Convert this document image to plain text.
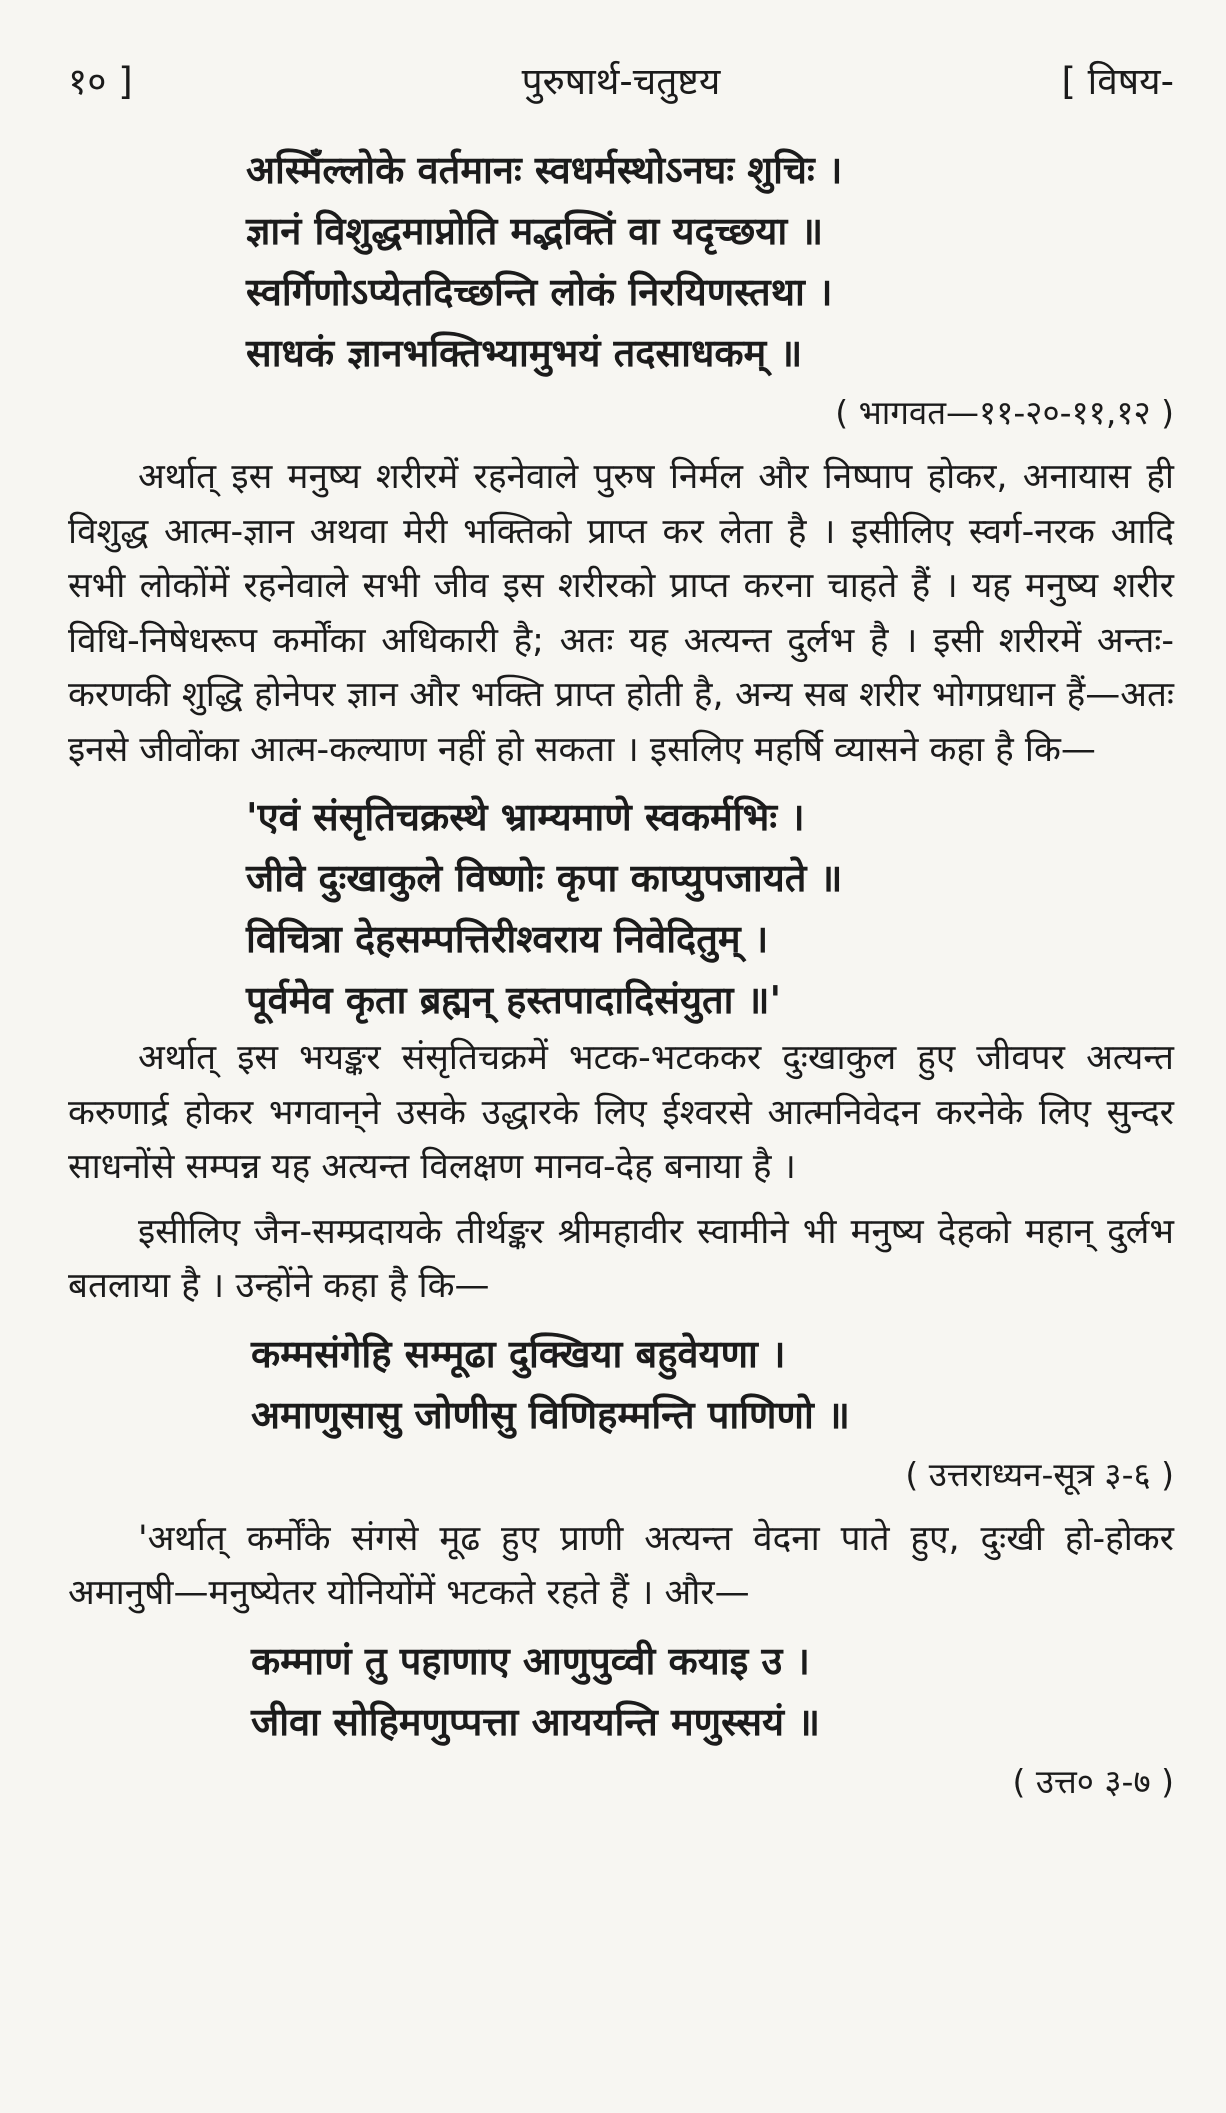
१० ]	पुरुषार्थ-चतुष्टय	[ विषय-
अस्मिँल्लोके वर्तमानः स्वधर्मस्थोऽनघः शुचिः ।
ज्ञानं विशुद्धमाप्नोति मद्भक्तिं वा यदृच्छया ॥
स्वर्गिणोऽप्येतदिच्छन्ति लोकं निरयिणस्तथा ।
साधकं ज्ञानभक्तिभ्यामुभयं तदसाधकम् ॥
( भागवत—११-२०-११,१२ )

अर्थात् इस मनुष्य शरीरमें रहनेवाले पुरुष निर्मल और निष्पाप होकर, अनायास ही विशुद्ध आत्म-ज्ञान अथवा मेरी भक्तिको प्राप्त कर लेता है । इसीलिए स्वर्ग-नरक आदि सभी लोकोंमें रहनेवाले सभी जीव इस शरीरको प्राप्त करना चाहते हैं । यह मनुष्य शरीर विधि-निषेधरूप कर्मोंका अधिकारी है; अतः यह अत्यन्त दुर्लभ है । इसी शरीरमें अन्तः-करणकी शुद्धि होनेपर ज्ञान और भक्ति प्राप्त होती है, अन्य सब शरीर भोगप्रधान हैं—अतः इनसे जीवोंका आत्म-कल्याण नहीं हो सकता । इसलिए महर्षि व्यासने कहा है कि—

'एवं संसृतिचक्रस्थे भ्राम्यमाणे स्वकर्मभिः ।
जीवे दुःखाकुले विष्णोः कृपा काप्युपजायते ॥
विचित्रा देहसम्पत्तिरीश्वराय निवेदितुम् ।
पूर्वमेव कृता ब्रह्मन् हस्तपादादिसंयुता ॥'

अर्थात् इस भयङ्कर संसृतिचक्रमें भटक-भटककर दुःखाकुल हुए जीवपर अत्यन्त करुणार्द्र होकर भगवान्‌ने उसके उद्धारके लिए ईश्वरसे आत्मनिवेदन करनेके लिए सुन्दर साधनोंसे सम्पन्न यह अत्यन्त विलक्षण मानव-देह बनाया है ।

इसीलिए जैन-सम्प्रदायके तीर्थङ्कर श्रीमहावीर स्वामीने भी मनुष्य देहको महान् दुर्लभ बतलाया है । उन्होंने कहा है कि—

कम्मसंगेहि सम्मूढा दुक्खिया बहुवेयणा ।
अमाणुसासु जोणीसु विणिहम्मन्ति पाणिणो ॥
( उत्तराध्यन-सूत्र ३-६ )

'अर्थात् कर्मोंके संगसे मूढ हुए प्राणी अत्यन्त वेदना पाते हुए, दुःखी हो-होकर अमानुषी—मनुष्येतर योनियोंमें भटकते रहते हैं । और—

कम्माणं तु पहाणाए आणुपुव्वी कयाइ उ ।
जीवा सोहिमणुप्पत्ता आययन्ति मणुस्सयं ॥
( उत्त० ३-७ )
